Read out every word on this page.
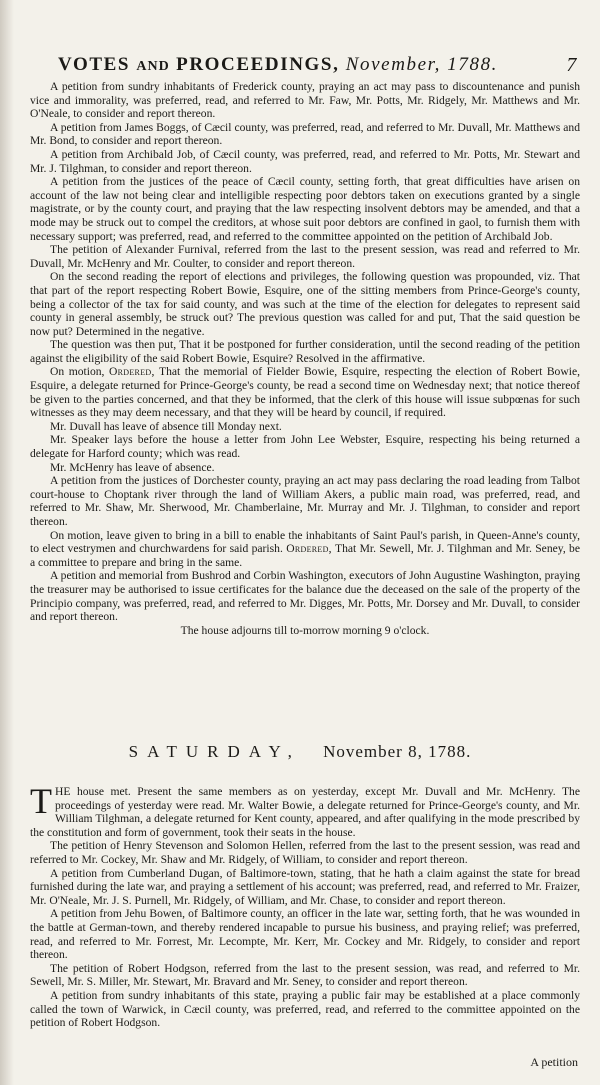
VOTES AND PROCEEDINGS, November, 1788.	7

A petition from sundry inhabitants of Frederick county, praying an act may pass to discountenance and punish vice and immorality, was preferred, read, and referred to Mr. Faw, Mr. Potts, Mr. Ridgely, Mr. Matthews and Mr. O'Neale, to consider and report thereon.

A petition from James Boggs, of Cæcil county, was preferred, read, and referred to Mr. Duvall, Mr. Matthews and Mr. Bond, to consider and report thereon.

A petition from Archibald Job, of Cæcil county, was preferred, read, and referred to Mr. Potts, Mr. Stewart and Mr. J. Tilghman, to consider and report thereon.

A petition from the justices of the peace of Cæcil county, setting forth, that great difficulties have arisen on account of the law not being clear and intelligible respecting poor debtors taken on executions granted by a single magistrate, or by the county court, and praying that the law respecting insolvent debtors may be amended, and that a mode may be struck out to compel the creditors, at whose suit poor debtors are confined in gaol, to furnish them with necessary support; was preferred, read, and referred to the committee appointed on the petition of Archibald Job.

The petition of Alexander Furnival, referred from the last to the present session, was read and referred to Mr. Duvall, Mr. McHenry and Mr. Coulter, to consider and report thereon.

On the second reading the report of elections and privileges, the following question was propounded, viz. That that part of the report respecting Robert Bowie, Esquire, one of the sitting members from Prince-George's county, being a collector of the tax for said county, and was such at the time of the election for delegates to represent said county in general assembly, be struck out? The previous question was called for and put, That the said question be now put? Determined in the negative.

The question was then put, That it be postponed for further consideration, until the second reading of the petition against the eligibility of the said Robert Bowie, Esquire? Resolved in the affirmative.

On motion, Ordered, That the memorial of Fielder Bowie, Esquire, respecting the election of Robert Bowie, Esquire, a delegate returned for Prince-George's county, be read a second time on Wednesday next; that notice thereof be given to the parties concerned, and that they be informed, that the clerk of this house will issue subpœnas for such witnesses as they may deem necessary, and that they will be heard by council, if required.

Mr. Duvall has leave of absence till Monday next.

Mr. Speaker lays before the house a letter from John Lee Webster, Esquire, respecting his being returned a delegate for Harford county; which was read.

Mr. McHenry has leave of absence.

A petition from the justices of Dorchester county, praying an act may pass declaring the road leading from Talbot court-house to Choptank river through the land of William Akers, a public main road, was preferred, read, and referred to Mr. Shaw, Mr. Sherwood, Mr. Chamberlaine, Mr. Murray and Mr. J. Tilghman, to consider and report thereon.

On motion, leave given to bring in a bill to enable the inhabitants of Saint Paul's parish, in Queen-Anne's county, to elect vestrymen and churchwardens for said parish. Ordered, That Mr. Sewell, Mr. J. Tilghman and Mr. Seney, be a committee to prepare and bring in the same.

A petition and memorial from Bushrod and Corbin Washington, executors of John Augustine Washington, praying the treasurer may be authorised to issue certificates for the balance due the deceased on the sale of the property of the Principio company, was preferred, read, and referred to Mr. Digges, Mr. Potts, Mr. Dorsey and Mr. Duvall, to consider and report thereon.

The house adjourns till to-morrow morning 9 o'clock.

SATURDAY, November 8, 1788.

THE house met. Present the same members as on yesterday, except Mr. Duvall and Mr. McHenry. The proceedings of yesterday were read. Mr. Walter Bowie, a delegate returned for Prince-George's county, and Mr. William Tilghman, a delegate returned for Kent county, appeared, and after qualifying in the mode prescribed by the constitution and form of government, took their seats in the house.

The petition of Henry Stevenson and Solomon Hellen, referred from the last to the present session, was read and referred to Mr. Cockey, Mr. Shaw and Mr. Ridgely, of William, to consider and report thereon.

A petition from Cumberland Dugan, of Baltimore-town, stating, that he hath a claim against the state for bread furnished during the late war, and praying a settlement of his account; was preferred, read, and referred to Mr. Fraizer, Mr. O'Neale, Mr. J. S. Purnell, Mr. Ridgely, of William, and Mr. Chase, to consider and report thereon.

A petition from Jehu Bowen, of Baltimore county, an officer in the late war, setting forth, that he was wounded in the battle at German-town, and thereby rendered incapable to pursue his business, and praying relief; was preferred, read, and referred to Mr. Forrest, Mr. Lecompte, Mr. Kerr, Mr. Cockey and Mr. Ridgely, to consider and report thereon.

The petition of Robert Hodgson, referred from the last to the present session, was read, and referred to Mr. Sewell, Mr. S. Miller, Mr. Stewart, Mr. Bravard and Mr. Seney, to consider and report thereon.

A petition from sundry inhabitants of this state, praying a public fair may be established at a place commonly called the town of Warwick, in Cæcil county, was preferred, read, and referred to the committee appointed on the petition of Robert Hodgson.

A petition
